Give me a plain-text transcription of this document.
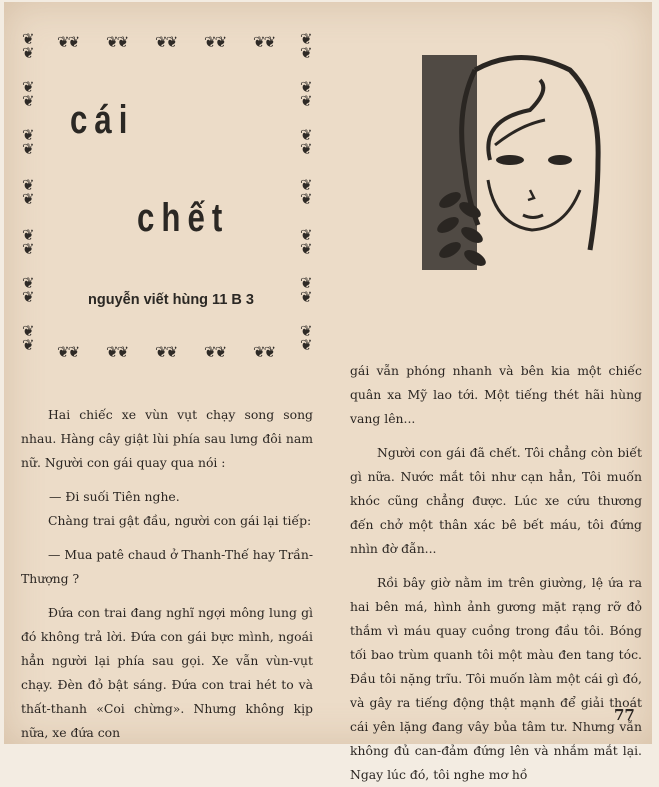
❦
❦
❦
❦
❦
❦
❦
❦
❦
❦
❦
❦
❦
❦
❦
❦
❦
❦
❦
❦
❦
❦
❦
❦
❦
❦
❦
❦
❦❦
❦❦
❦❦
❦❦
❦❦
❦❦
❦❦
❦❦
❦❦
❦❦
cái
chết
nguyễn viết hùng 11 B 3

Hai chiếc xe vùn vụt chạy song song nhau. Hàng cây giật lùi phía sau lưng đôi nam nữ. Người con gái quay qua nói :

— Đi suối Tiên nghe.

Chàng trai gật đầu, người con gái lại tiếp:

— Mua patê chaud ở Thanh-Thế hay Trần-Thượng ?

Đứa con trai đang nghĩ ngợi mông lung gì đó không trả lời. Đứa con gái bực mình, ngoái hẳn người lại phía sau gọi. Xe vẫn vùn-vụt chạy. Đèn đỏ bật sáng. Đứa con trai hét to và thất-thanh «Coi chừng». Nhưng không kịp nữa, xe đứa con

gái vẫn phóng nhanh và bên kia một chiếc quân xa Mỹ lao tới. Một tiếng thét hãi hùng vang lên...

Người con gái đã chết. Tôi chẳng còn biết gì nữa. Nước mắt tôi như cạn hẳn, Tôi muốn khóc cũng chẳng được. Lúc xe cứu thương đến chở một thân xác bê bết máu, tôi đứng nhìn đờ đẫn...

Rồi bây giờ nằm im trên giường, lệ ứa ra hai bên má, hình ảnh gương mặt rạng rỡ đỏ thắm vì máu quay cuồng trong đầu tôi. Bóng tối bao trùm quanh tôi một màu đen tang tóc. Đầu tôi nặng trĩu. Tôi muốn làm một cái gì đó, và gây ra tiếng động thật mạnh để giải thoát cái yên lặng đang vây bủa tâm tư. Nhưng vẫn không đủ can-đảm đứng lên và nhắm mắt lại. Ngay lúc đó, tôi nghe mơ hồ

77
